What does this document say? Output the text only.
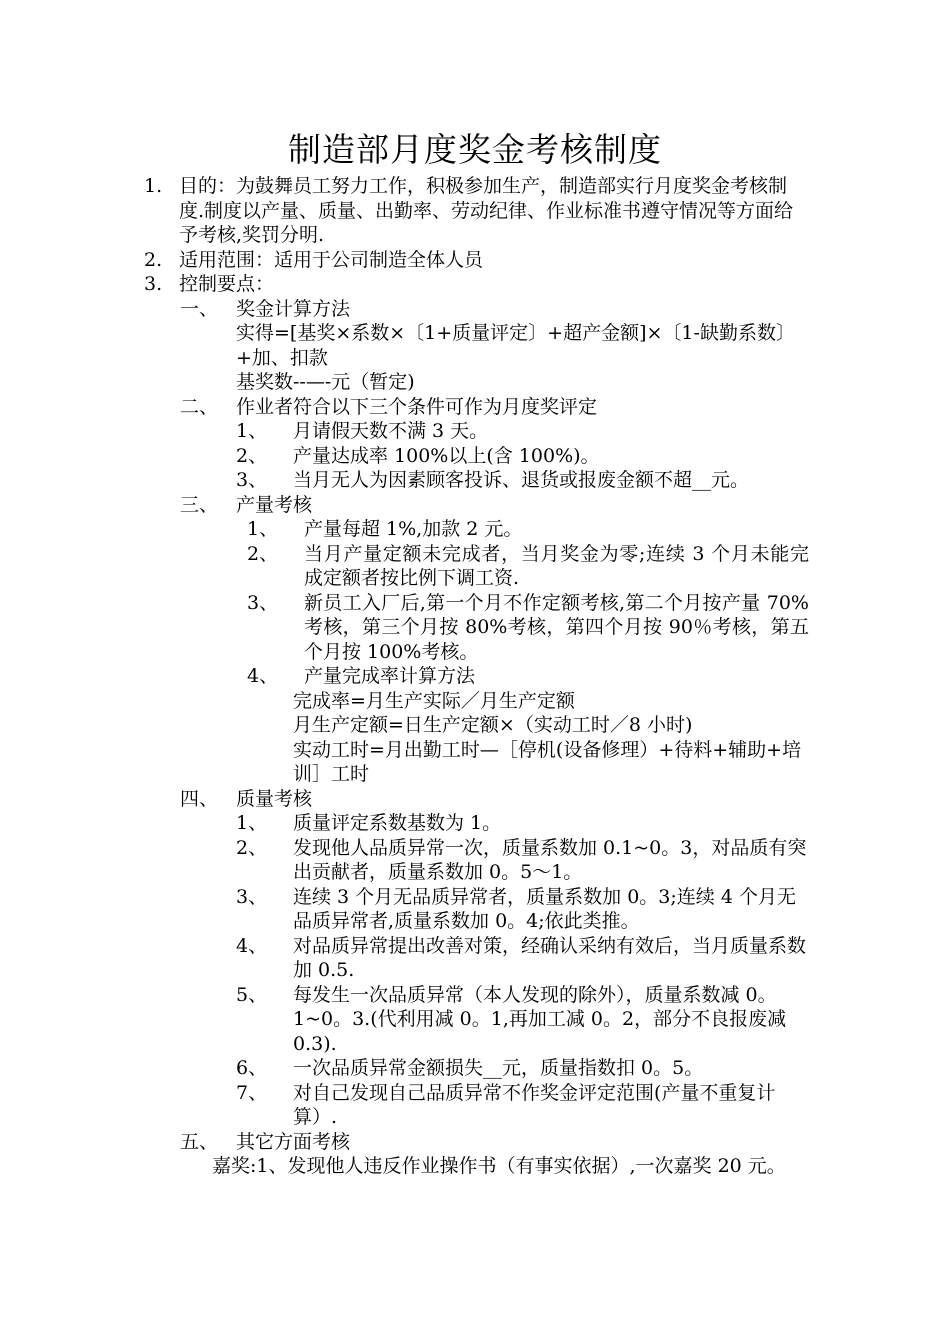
制造部月度奖金考核制度
1. 目的：为鼓舞员工努力工作，积极参加生产，制造部实行月度奖金考核制度.制度以产量、质量、出勤率、劳动纪律、作业标准书遵守情况等方面给予考核,奖罚分明.
2. 适用范围：适用于公司制造全体人员
3. 控制要点：
一、 奖金计算方法
实得=[基奖×系数×〔1+质量评定〕+超产金额]×〔1-缺勤系数〕+加、扣款
基奖数--—-元（暂定)
二、 作业者符合以下三个条件可作为月度奖评定
1、 月请假天数不满 3 天。
2、 产量达成率 100%以上(含 100%)。
3、 当月无人为因素顾客投诉、退货或报废金额不超__元。
三、 产量考核
1、 产量每超 1%,加款 2 元。
2、 当月产量定额未完成者，当月奖金为零;连续 3 个月未能完成定额者按比例下调工资.
3、 新员工入厂后,第一个月不作定额考核,第二个月按产量 70%考核，第三个月按 80%考核，第四个月按 90％考核，第五个月按 100%考核。
4、 产量完成率计算方法
完成率=月生产实际／月生产定额
月生产定额=日生产定额×（实动工时／8 小时)
实动工时=月出勤工时—［停机(设备修理）+待料+辅助+培训］工时
四、 质量考核
1、 质量评定系数基数为 1。
2、 发现他人品质异常一次，质量系数加 0.1~0。3，对品质有突出贡献者，质量系数加 0。5～1。
3、 连续 3 个月无品质异常者，质量系数加 0。3;连续 4 个月无品质异常者,质量系数加 0。4;依此类推。
4、 对品质异常提出改善对策，经确认采纳有效后，当月质量系数加 0.5.
5、 每发生一次品质异常（本人发现的除外），质量系数减 0。1~0。3.(代利用减 0。1,再加工减 0。2，部分不良报废减 0.3).
6、 一次品质异常金额损失__元，质量指数扣 0。5。
7、 对自己发现自己品质异常不作奖金评定范围(产量不重复计算）.
五、 其它方面考核
嘉奖:1、发现他人违反作业操作书（有事实依据）,一次嘉奖 20 元。
